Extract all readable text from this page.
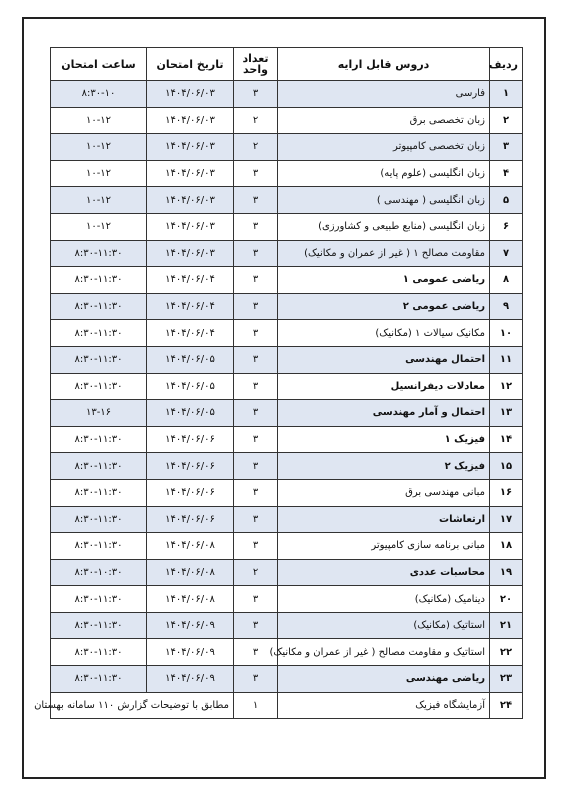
ردیف	دروس قابل ارایه	تعداد واحد	تاریخ امتحان	ساعت امتحان
۱	فارسی	۳	۱۴۰۴/۰۶/۰۳	۸:۳۰-۱۰
۲	زبان تخصصی برق	۲	۱۴۰۴/۰۶/۰۳	۱۰-۱۲
۳	زبان تخصصی کامپیوتر	۲	۱۴۰۴/۰۶/۰۳	۱۰-۱۲
۴	زبان انگلیسی (علوم پایه)	۳	۱۴۰۴/۰۶/۰۳	۱۰-۱۲
۵	زبان انگلیسی ( مهندسی )	۳	۱۴۰۴/۰۶/۰۳	۱۰-۱۲
۶	زبان انگلیسی (منابع طبیعی و کشاورزی)	۳	۱۴۰۴/۰۶/۰۳	۱۰-۱۲
۷	مقاومت مصالح ۱ ( غیر از عمران و مکانیک)	۳	۱۴۰۴/۰۶/۰۳	۸:۳۰-۱۱:۳۰
۸	ریاضی عمومی ۱	۳	۱۴۰۴/۰۶/۰۴	۸:۳۰-۱۱:۳۰
۹	ریاضی عمومی ۲	۳	۱۴۰۴/۰۶/۰۴	۸:۳۰-۱۱:۳۰
۱۰	مکانیک سیالات ۱ (مکانیک)	۳	۱۴۰۴/۰۶/۰۴	۸:۳۰-۱۱:۳۰
۱۱	احتمال مهندسی	۳	۱۴۰۴/۰۶/۰۵	۸:۳۰-۱۱:۳۰
۱۲	معادلات دیفرانسیل	۳	۱۴۰۴/۰۶/۰۵	۸:۳۰-۱۱:۳۰
۱۳	احتمال و آمار مهندسی	۳	۱۴۰۴/۰۶/۰۵	۱۳-۱۶
۱۴	فیزیک ۱	۳	۱۴۰۴/۰۶/۰۶	۸:۳۰-۱۱:۳۰
۱۵	فیزیک ۲	۳	۱۴۰۴/۰۶/۰۶	۸:۳۰-۱۱:۳۰
۱۶	مبانی مهندسی برق	۳	۱۴۰۴/۰۶/۰۶	۸:۳۰-۱۱:۳۰
۱۷	ارتعاشات	۳	۱۴۰۴/۰۶/۰۶	۸:۳۰-۱۱:۳۰
۱۸	مبانی برنامه سازی کامپیوتر	۳	۱۴۰۴/۰۶/۰۸	۸:۳۰-۱۱:۳۰
۱۹	محاسبات عددی	۲	۱۴۰۴/۰۶/۰۸	۸:۳۰-۱۰:۳۰
۲۰	دینامیک (مکانیک)	۳	۱۴۰۴/۰۶/۰۸	۸:۳۰-۱۱:۳۰
۲۱	استاتیک (مکانیک)	۳	۱۴۰۴/۰۶/۰۹	۸:۳۰-۱۱:۳۰
۲۲	استاتیک و مقاومت مصالح ( غیر از عمران و مکانیک)	۳	۱۴۰۴/۰۶/۰۹	۸:۳۰-۱۱:۳۰
۲۳	ریاضی مهندسی	۳	۱۴۰۴/۰۶/۰۹	۸:۳۰-۱۱:۳۰
۲۴	آزمایشگاه فیزیک	۱	مطابق با توضیحات گزارش ۱۱۰ سامانه بهستان	
